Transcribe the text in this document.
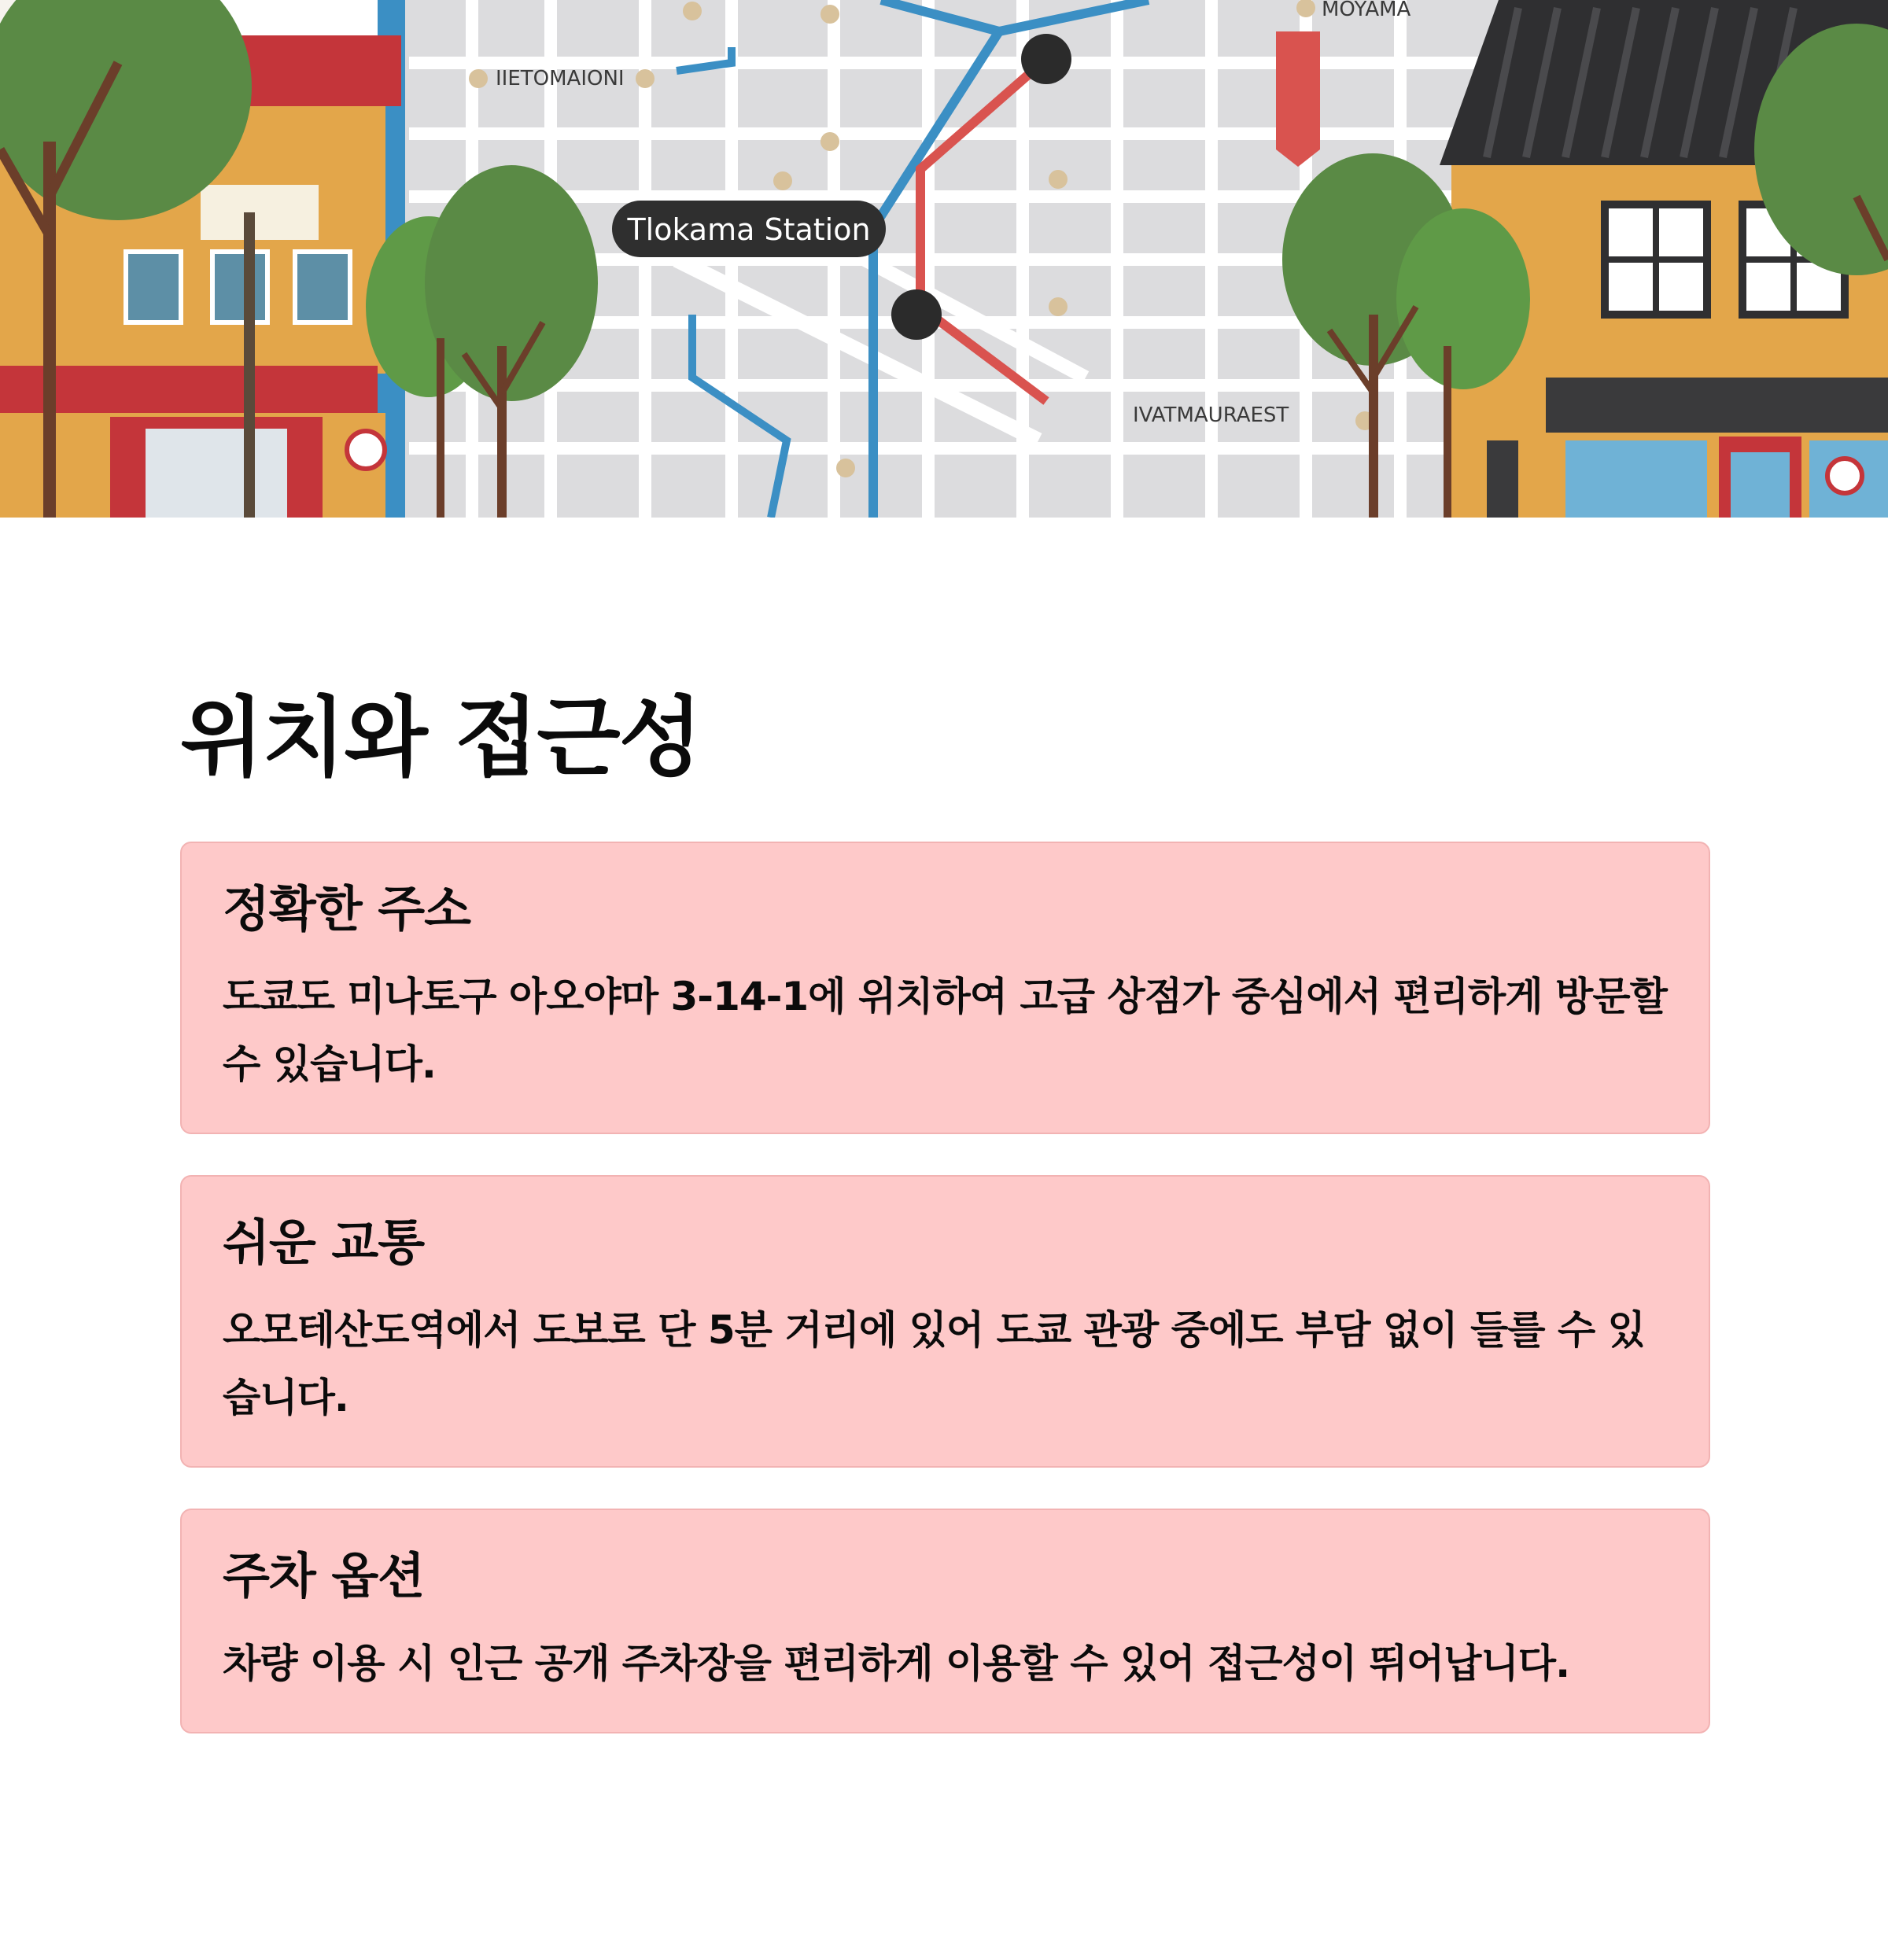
Tlokama Station
IIETOMAIONI
MOYAMA
IVATMAURAEST
위치와 접근성
정확한 주소

도쿄도 미나토구 아오야마 3-14-1에 위치하여 고급 상점가 중심에서 편리하게 방문할 수 있습니다.

쉬운 교통

오모테산도역에서 도보로 단 5분 거리에 있어 도쿄 관광 중에도 부담 없이 들를 수 있습니다.

주차 옵션

차량 이용 시 인근 공개 주차장을 편리하게 이용할 수 있어 접근성이 뛰어납니다.
